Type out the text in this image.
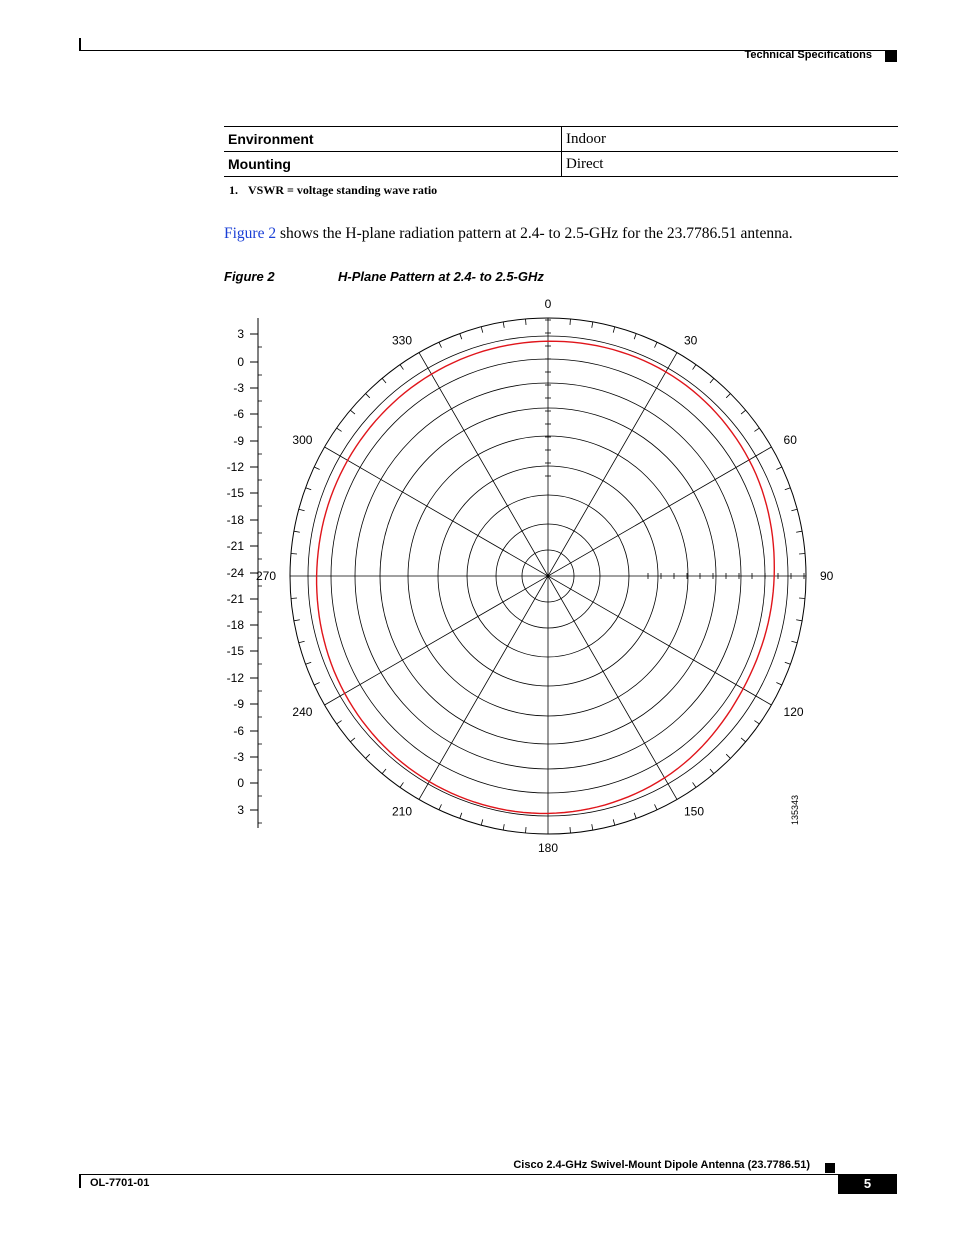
Technical Specifications
Environment	Indoor
Mounting	Direct
1. VSWR = voltage standing wave ratio
Figure 2 shows the H-plane radiation pattern at 2.4- to 2.5-GHz for the 23.7786.51 antenna.
Figure 2	H-Plane Pattern at 2.4- to 2.5-GHz
3
0
-3
-6
-9
-12
-15
-18
-21
-24
-21
-18
-15
-12
-9
-6
-3
0
3
0
30
60
90
120
150
180
210
240
270
300
330
135343
Cisco 2.4-GHz Swivel-Mount Dipole Antenna (23.7786.51)
OL-7701-01	5
